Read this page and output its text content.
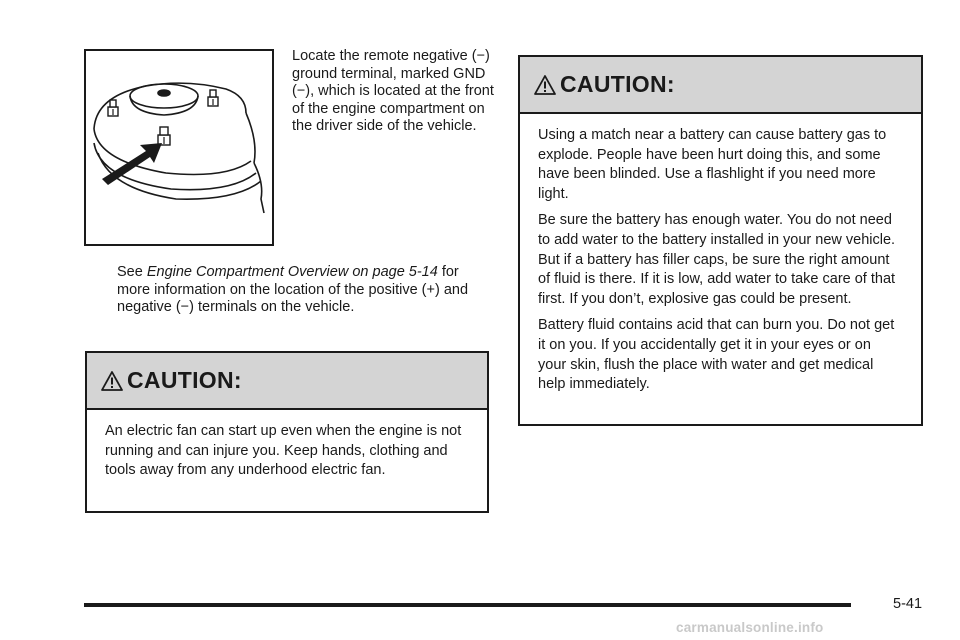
Locate the remote negative (−) ground terminal, marked GND (−), which is located at the front of the engine compartment on the driver side of the vehicle.

See Engine Compartment Overview on page 5-14 for more information on the location of the positive (+) and negative (−) terminals on the vehicle.

CAUTION:

An electric fan can start up even when the engine is not running and can injure you. Keep hands, clothing and tools away from any underhood electric fan.

CAUTION:

Using a match near a battery can cause battery gas to explode. People have been hurt doing this, and some have been blinded. Use a flashlight if you need more light.

Be sure the battery has enough water. You do not need to add water to the battery installed in your new vehicle. But if a battery has filler caps, be sure the right amount of fluid is there. If it is low, add water to take care of that first. If you don’t, explosive gas could be present.

Battery fluid contains acid that can burn you. Do not get it on you. If you accidentally get it in your eyes or on your skin, flush the place with water and get medical help immediately.

5-41
carmanualsonline.info
